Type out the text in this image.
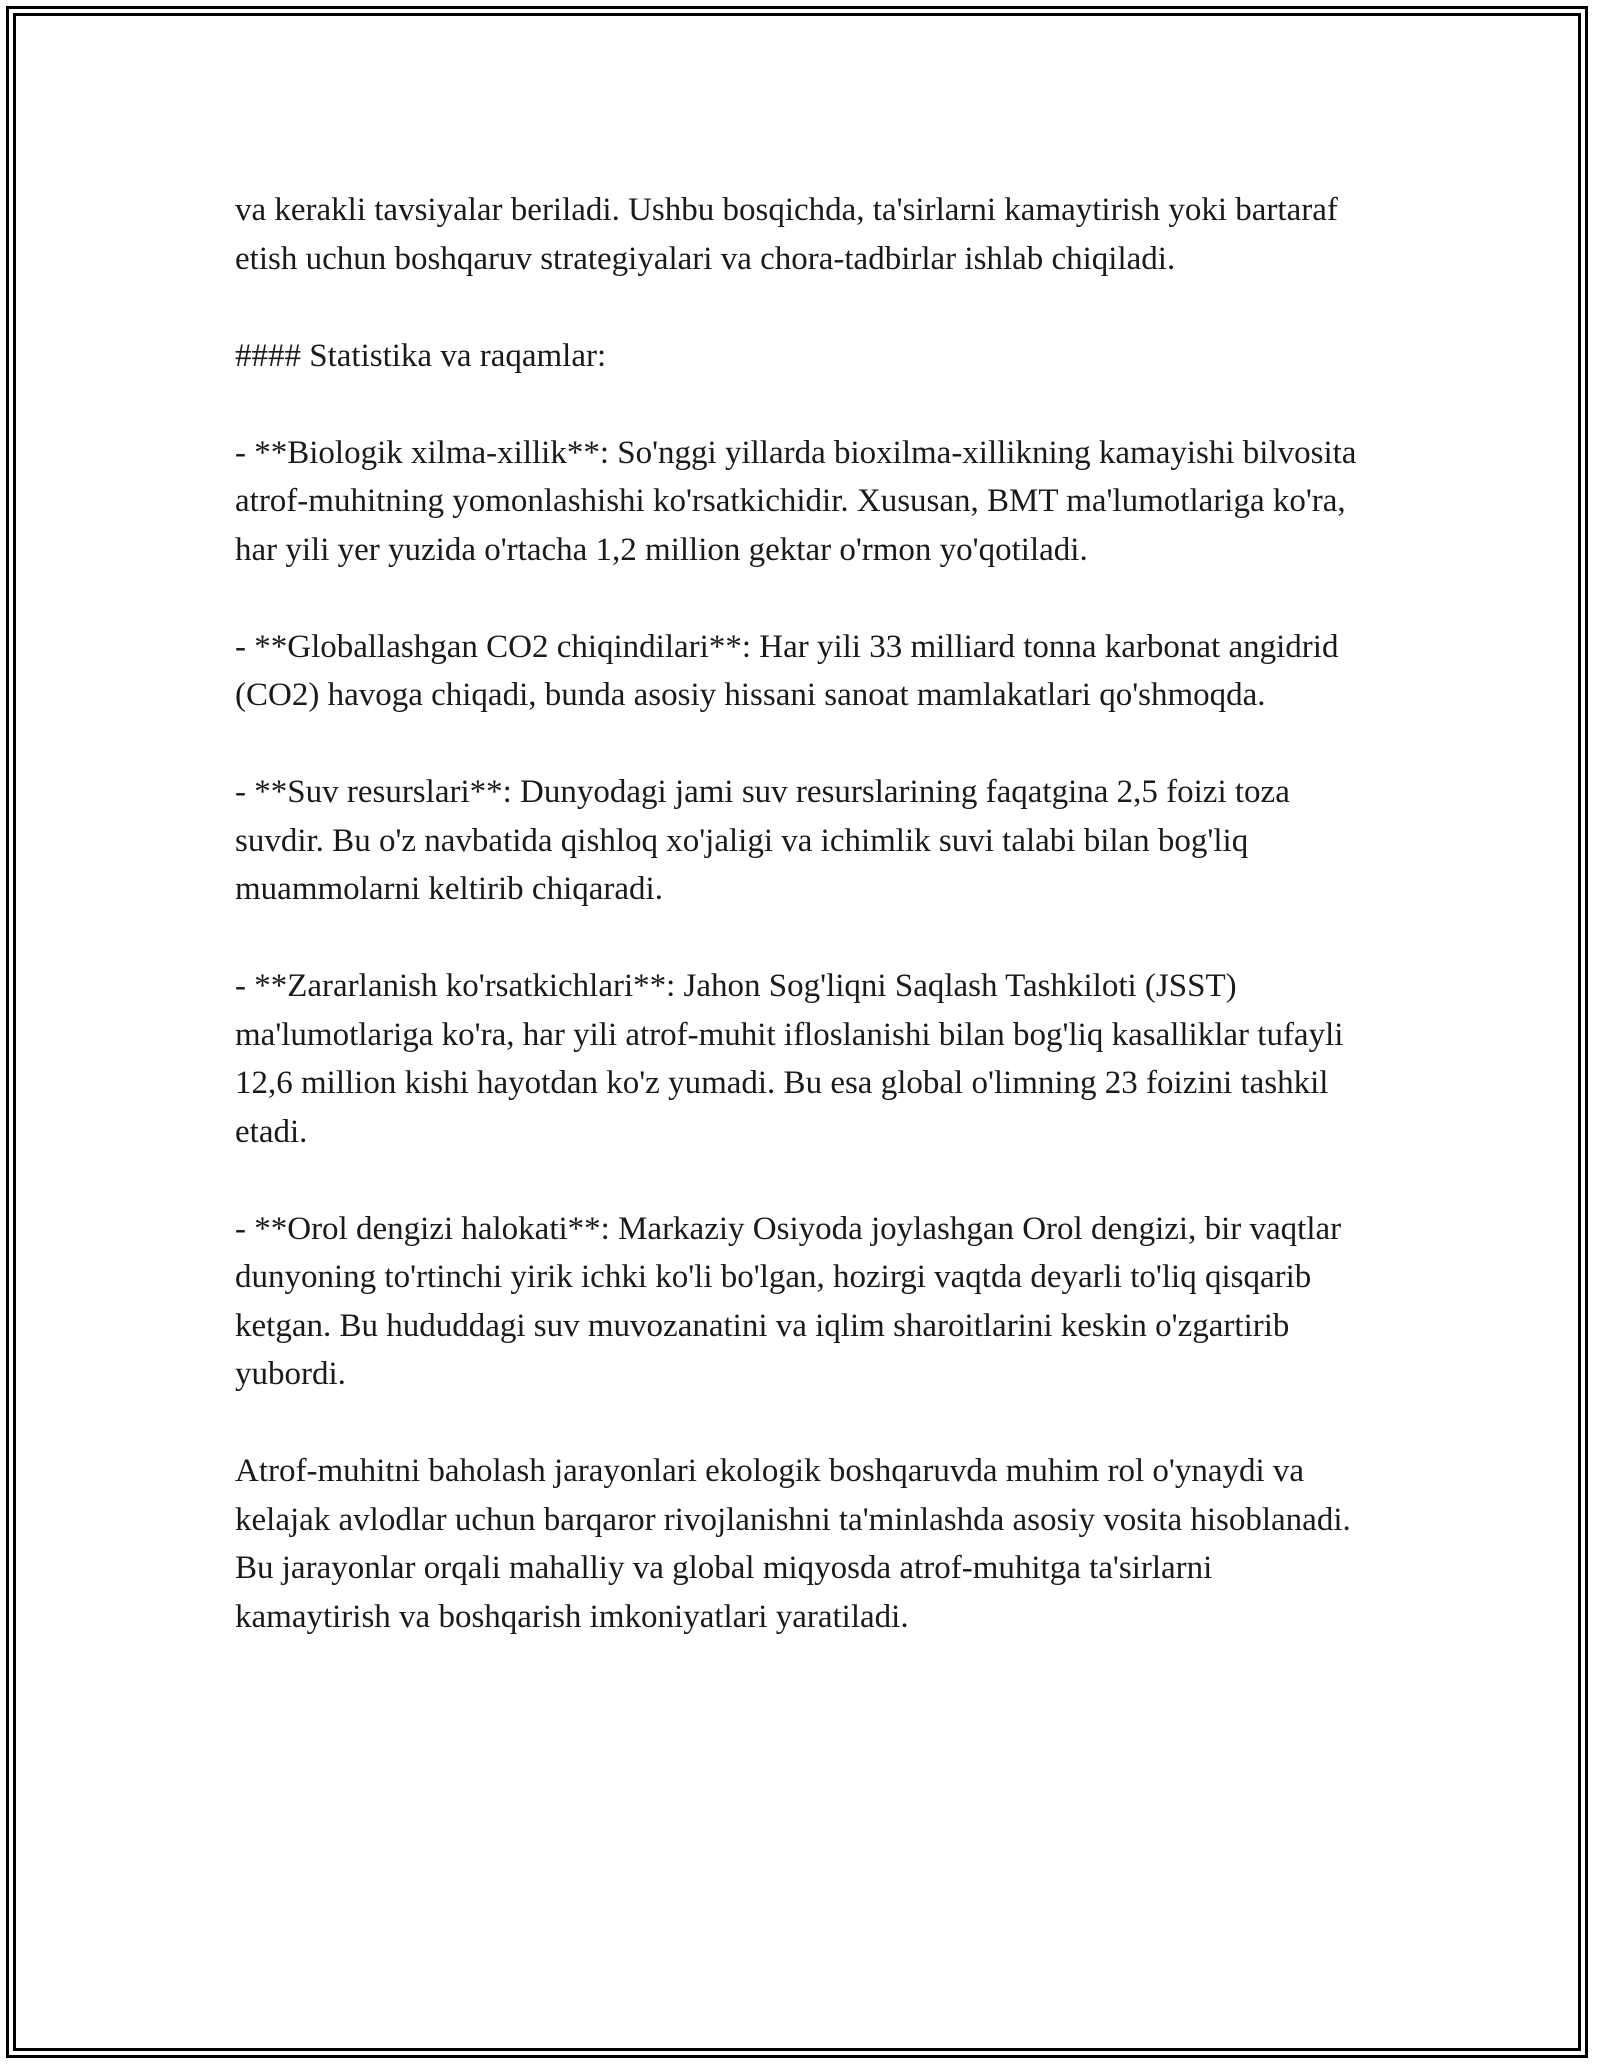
va kerakli tavsiyalar beriladi. Ushbu bosqichda, ta'sirlarni kamaytirish yoki bartaraf etish uchun boshqaruv strategiyalari va chora-tadbirlar ishlab chiqiladi.

#### Statistika va raqamlar:

- **Biologik xilma-xillik**: So'nggi yillarda bioxilma-xillikning kamayishi bilvosita atrof-muhitning yomonlashishi ko'rsatkichidir. Xususan, BMT ma'lumotlariga ko'ra, har yili yer yuzida o'rtacha 1,2 million gektar o'rmon yo'qotiladi.

- **Globallashgan CO2 chiqindilari**: Har yili 33 milliard tonna karbonat angidrid (CO2) havoga chiqadi, bunda asosiy hissani sanoat mamlakatlari qo'shmoqda.

- **Suv resurslari**: Dunyodagi jami suv resurslarining faqatgina 2,5 foizi toza suvdir. Bu o'z navbatida qishloq xo'jaligi va ichimlik suvi talabi bilan bog'liq muammolarni keltirib chiqaradi.

- **Zararlanish ko'rsatkichlari**: Jahon Sog'liqni Saqlash Tashkiloti (JSST) ma'lumotlariga ko'ra, har yili atrof-muhit ifloslanishi bilan bog'liq kasalliklar tufayli 12,6 million kishi hayotdan ko'z yumadi. Bu esa global o'limning 23 foizini tashkil etadi.

- **Orol dengizi halokati**: Markaziy Osiyoda joylashgan Orol dengizi, bir vaqtlar dunyoning to'rtinchi yirik ichki ko'li bo'lgan, hozirgi vaqtda deyarli to'liq qisqarib ketgan. Bu hududdagi suv muvozanatini va iqlim sharoitlarini keskin o'zgartirib yubordi.

Atrof-muhitni baholash jarayonlari ekologik boshqaruvda muhim rol o'ynaydi va kelajak avlodlar uchun barqaror rivojlanishni ta'minlashda asosiy vosita hisoblanadi. Bu jarayonlar orqali mahalliy va global miqyosda atrof-muhitga ta'sirlarni kamaytirish va boshqarish imkoniyatlari yaratiladi.
